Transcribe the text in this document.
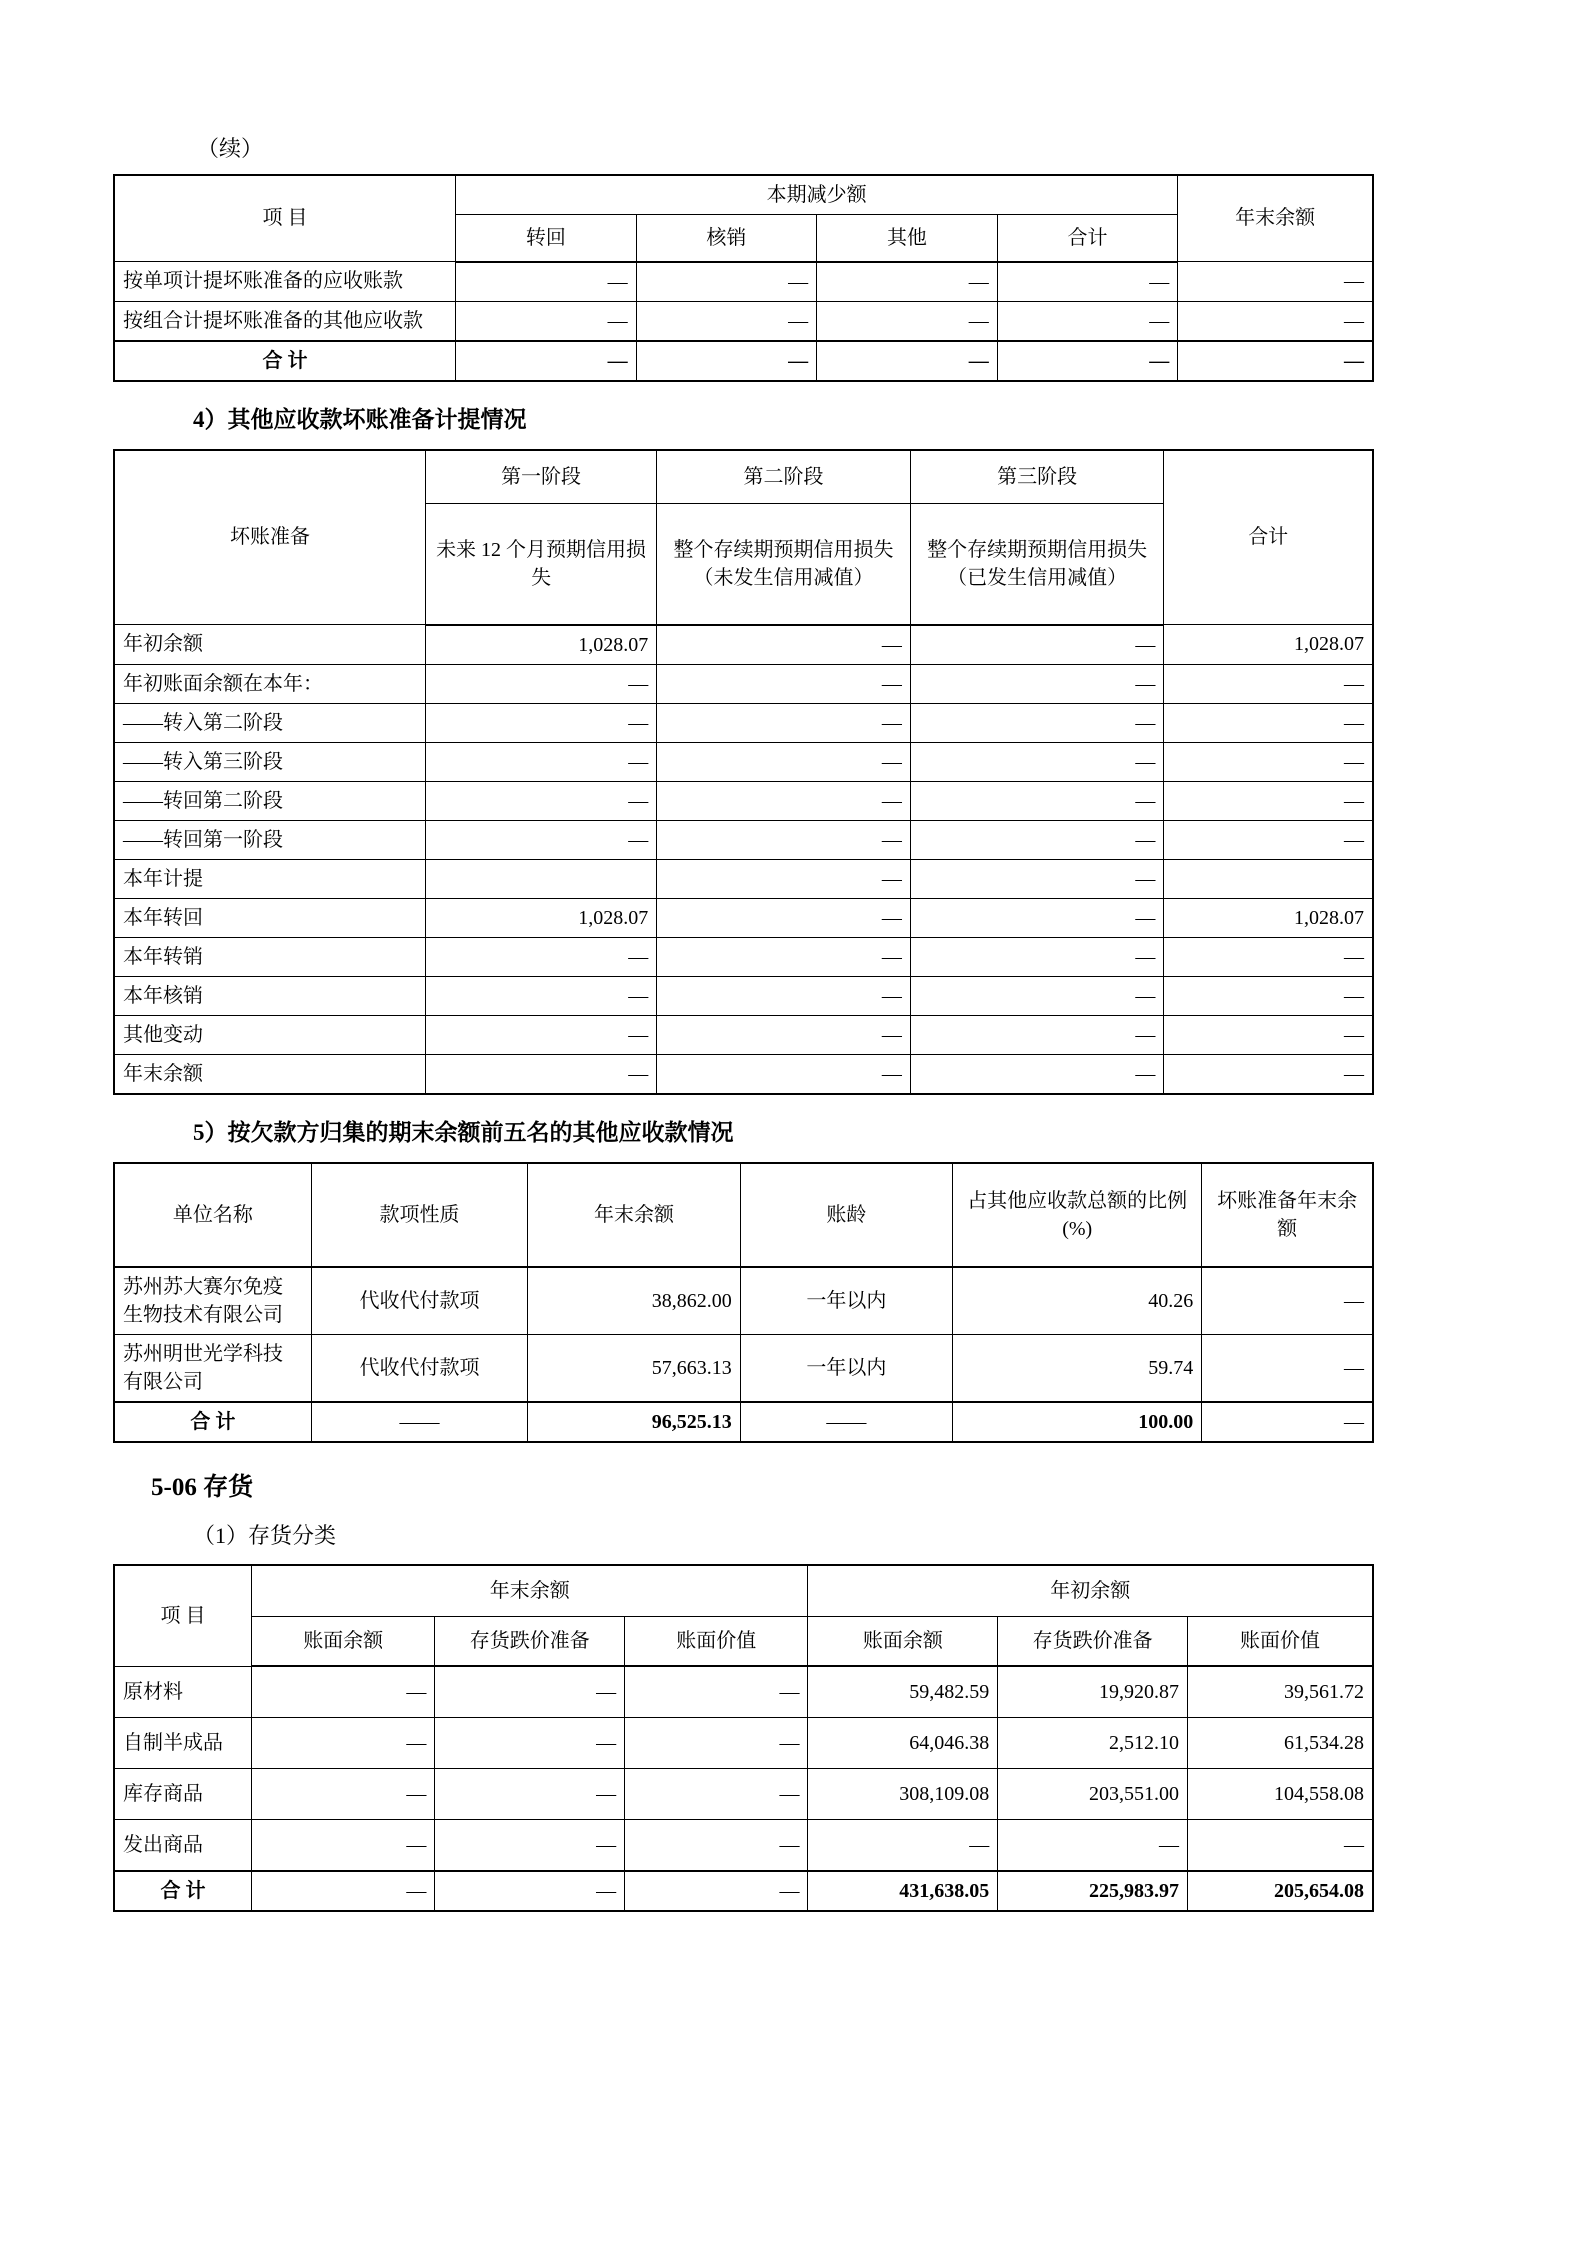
（续）

项 目	本期减少额				年末余额
	转回	核销	其他	合计	
按单项计提坏账准备的应收账款	—	—	—	—	—
按组合计提坏账准备的其他应收款	—	—	—	—	—
合 计	—	—	—	—	—

4）其他应收款坏账准备计提情况

坏账准备	第一阶段	第二阶段	第三阶段	合计
	未来 12 个月预期信用损失	整个存续期预期信用损失（未发生信用减值）	整个存续期预期信用损失（已发生信用减值）	
年初余额	1,028.07	—	—	1,028.07
年初账面余额在本年：	—	—	—	—
——转入第二阶段	—	—	—	—
——转入第三阶段	—	—	—	—
——转回第二阶段	—	—	—	—
——转回第一阶段	—	—	—	—
本年计提		—	—	
本年转回	1,028.07	—	—	1,028.07
本年转销	—	—	—	—
本年核销	—	—	—	—
其他变动	—	—	—	—
年末余额	—	—	—	—

5）按欠款方归集的期末余额前五名的其他应收款情况

单位名称	款项性质	年末余额	账龄	占其他应收款总额的比例(%)	坏账准备年末余额
苏州苏大赛尔免疫生物技术有限公司	代收代付款项	38,862.00	一年以内	40.26	—
苏州明世光学科技有限公司	代收代付款项	57,663.13	一年以内	59.74	—
合 计	——	96,525.13	——	100.00	—

5-06 存货

（1）存货分类

项 目	年末余额			年初余额		
	账面余额	存货跌价准备	账面价值	账面余额	存货跌价准备	账面价值
原材料	—	—	—	59,482.59	19,920.87	39,561.72
自制半成品	—	—	—	64,046.38	2,512.10	61,534.28
库存商品	—	—	—	308,109.08	203,551.00	104,558.08
发出商品	—	—	—	—	—	—
合 计	—	—	—	431,638.05	225,983.97	205,654.08
